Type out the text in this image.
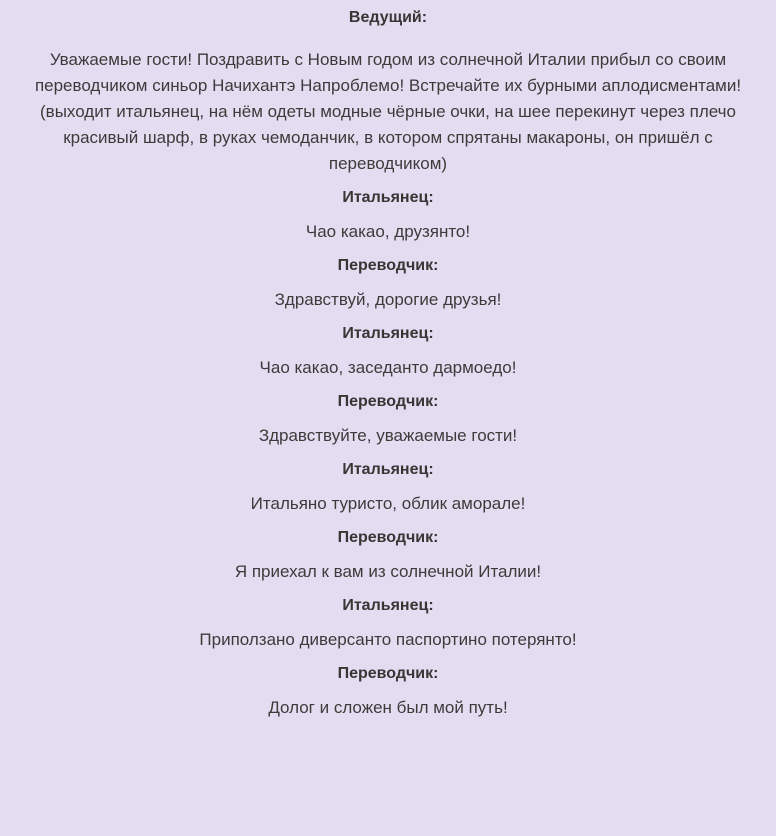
Ведущий:

Уважаемые гости! Поздравить с Новым годом из солнечной Италии прибыл со своим

переводчиком синьор Начихантэ Напроблемо! Встречайте их бурными аплодисментами!

(выходит итальянец, на нём одеты модные чёрные очки, на шее перекинут через плечо

красивый шарф, в руках чемоданчик, в котором спрятаны макароны, он пришёл с

переводчиком)

Итальянец:

Чао какао, друзянто!

Переводчик:

Здравствуй, дорогие друзья!

Итальянец:

Чао какао, заседанто дармоедо!

Переводчик:

Здравствуйте, уважаемые гости!

Итальянец:

Итальяно туристо, облик аморале!

Переводчик:

Я приехал к вам из солнечной Италии!

Итальянец:

Приползано диверсанто паспортино потерянто!

Переводчик:

Долог и сложен был мой путь!
